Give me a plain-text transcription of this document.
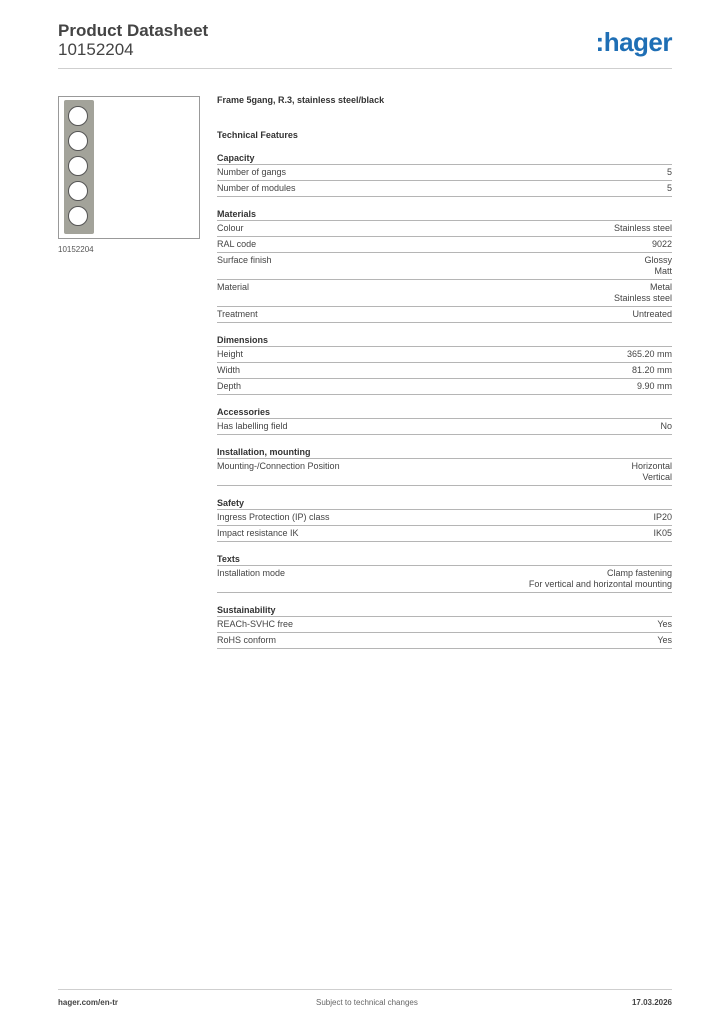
Product Datasheet
10152204	:hager
10152204
Frame 5gang, R.3, stainless steel/black
Technical Features
Capacity
Number of gangs	5
Number of modules	5
Materials
Colour	Stainless steel
RAL code	9022
Surface finish	Glossy
Matt
Material	Metal
Stainless steel
Treatment	Untreated
Dimensions
Height	365.20 mm
Width	81.20 mm
Depth	9.90 mm
Accessories
Has labelling field	No
Installation, mounting
Mounting-/Connection Position	Horizontal
Vertical
Safety
Ingress Protection (IP) class	IP20
Impact resistance IK	IK05
Texts
Installation mode	Clamp fastening
For vertical and horizontal mounting
Sustainability
REACh-SVHC free	Yes
RoHS conform	Yes
hager.com/en-tr	Subject to technical changes	17.03.2026
